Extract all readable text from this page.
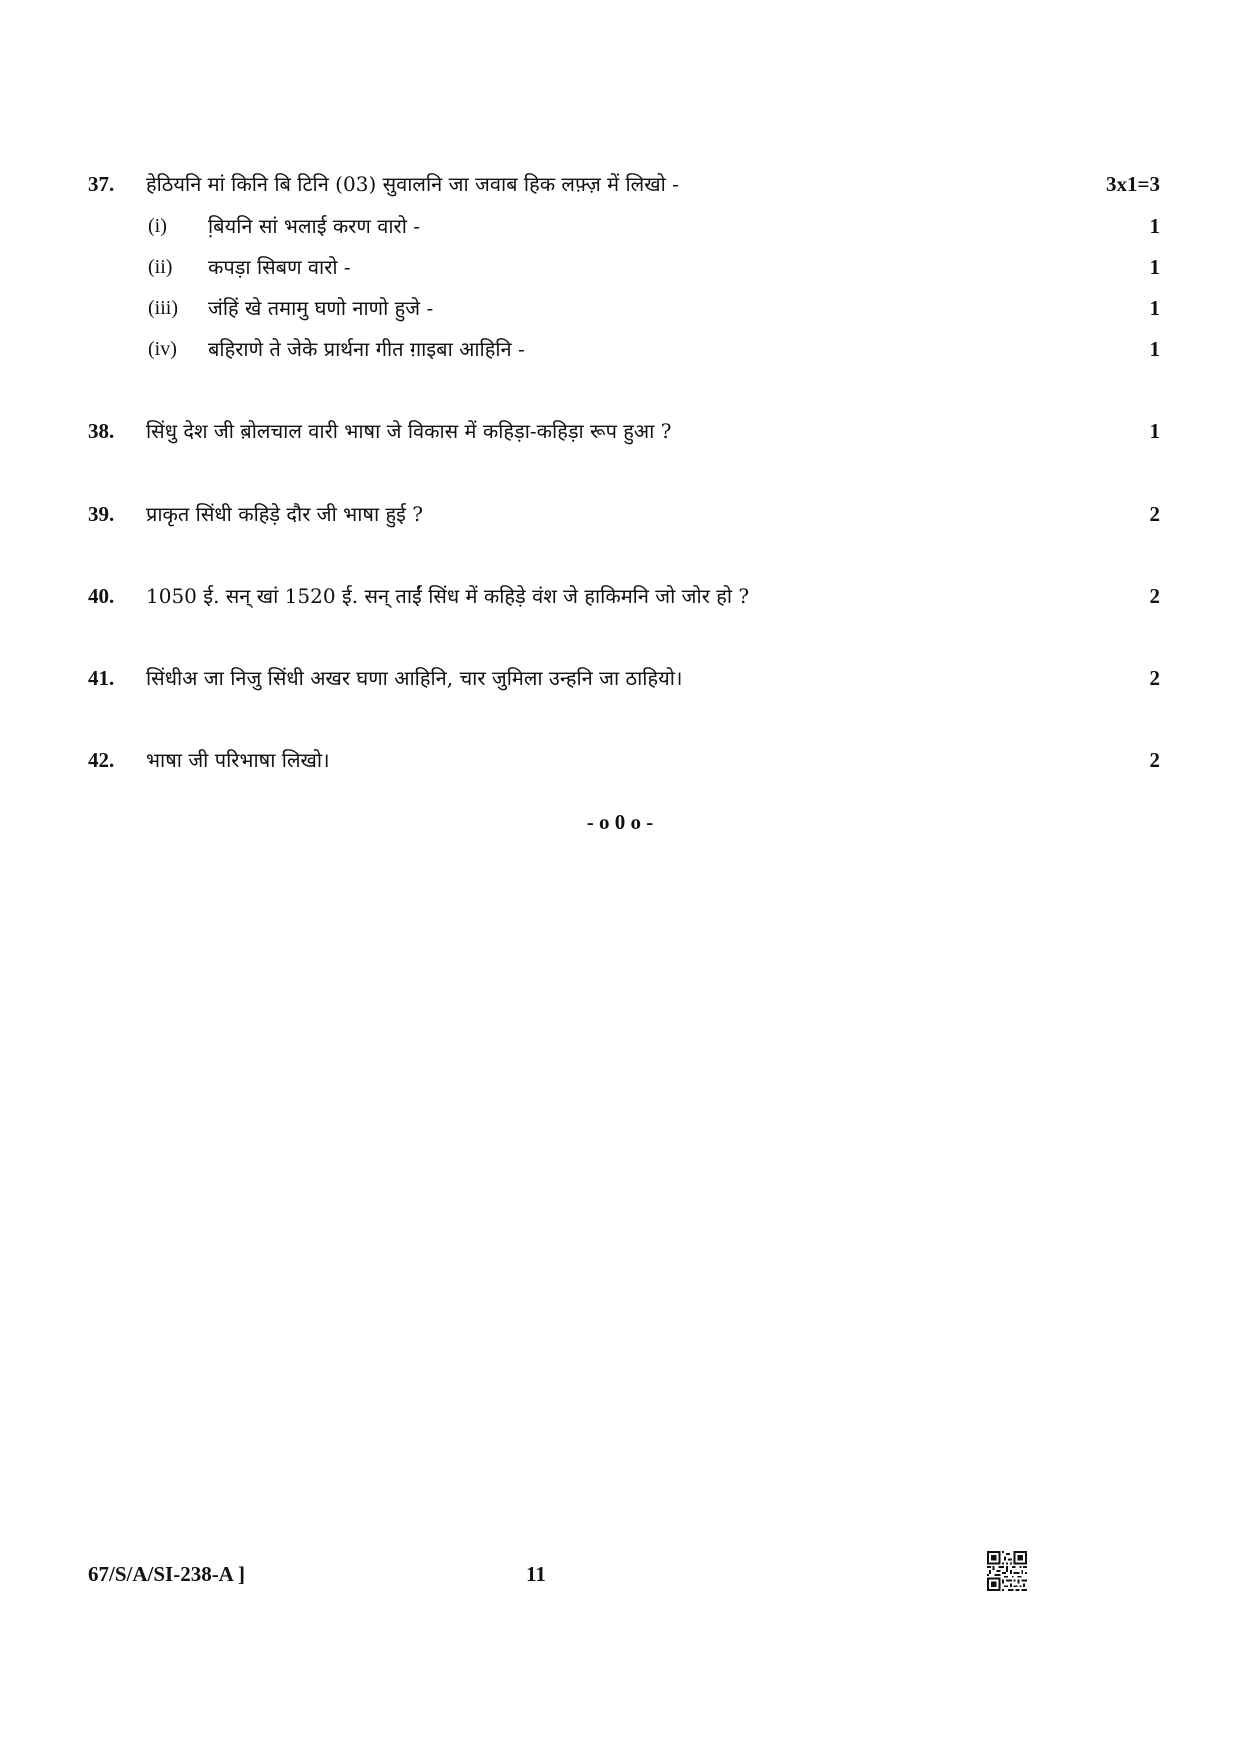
37. हेठियनि मां किनि बि टिनि (03) सुवालनि जा जवाब हिक लफ़्ज़ में लिखो -	3x1=3
(i) बि़यनि सां भलाई करण वारो -	1
(ii) कपड़ा सिबण वारो -	1
(iii) जंहिं खे तमामु घणो नाणो हुजे -	1
(iv) बहिराणे ते जेके प्रार्थना गीत ग़ाइबा आहिनि -	1
38. सिंधु देश जी ब़ोलचाल वारी भाषा जे विकास में कहिड़ा-कहिड़ा रूप हुआ ?	1
39. प्राकृत सिंधी कहिड़े दौर जी भाषा हुई ?	2
40. 1050 ई. सन् खां 1520 ई. सन् ताईं सिंध में कहिड़े वंश जे हाकिमनि जो जोर हो ?	2
41. सिंधीअ जा निजु सिंधी अखर घणा आहिनि, चार जुमिला उन्हनि जा ठाहियो।	2
42. भाषा जी परिभाषा लिखो।	2
- o 0 o -
67/S/A/SI-238-A ]	11
